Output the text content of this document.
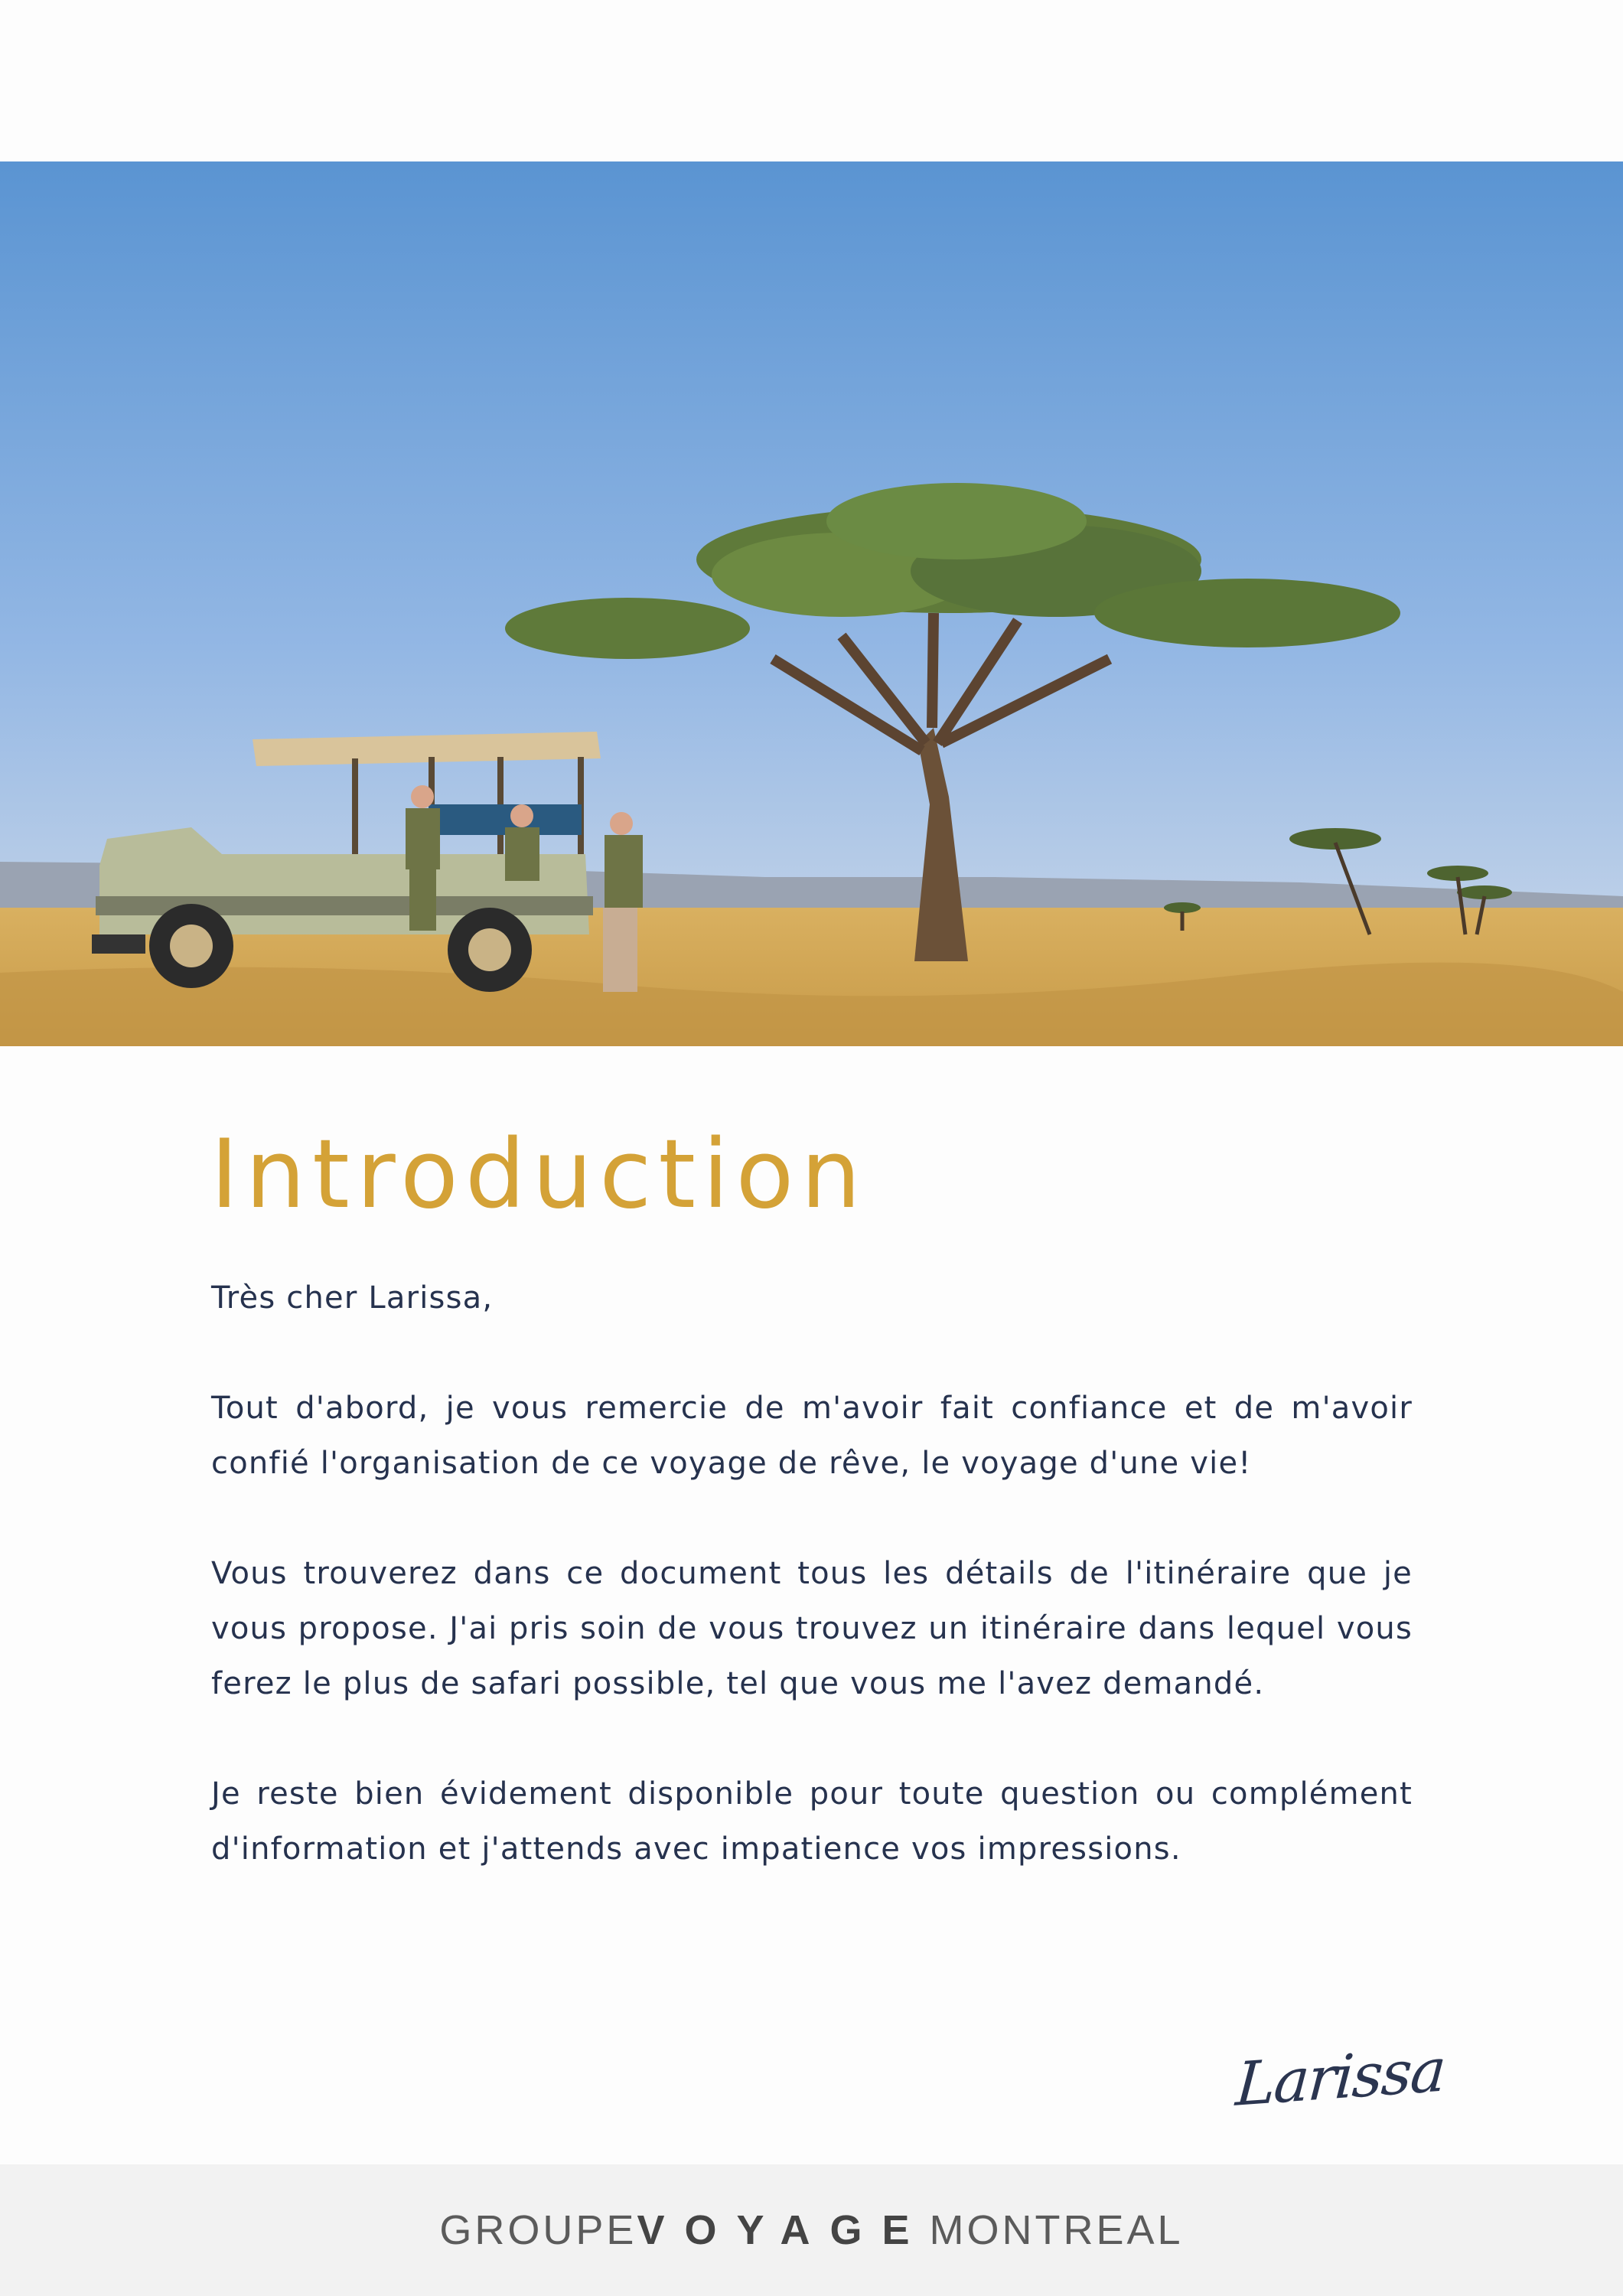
Introduction

Très cher Larissa,

Tout d'abord, je vous remercie de m'avoir fait confiance et de m'avoir confié l'organisation de ce voyage de rêve, le voyage d'une vie!

Vous trouverez dans ce document tous les détails de l'itinéraire que je vous propose. J'ai pris soin de vous trouvez un itinéraire dans lequel vous ferez le plus de safari possible, tel que vous me l'avez demandé.

Je reste bien évidement disponible pour toute question ou complément d'information et j'attends avec impatience vos impressions.

Larissa
GROUPEVOYAGEMONTREAL
